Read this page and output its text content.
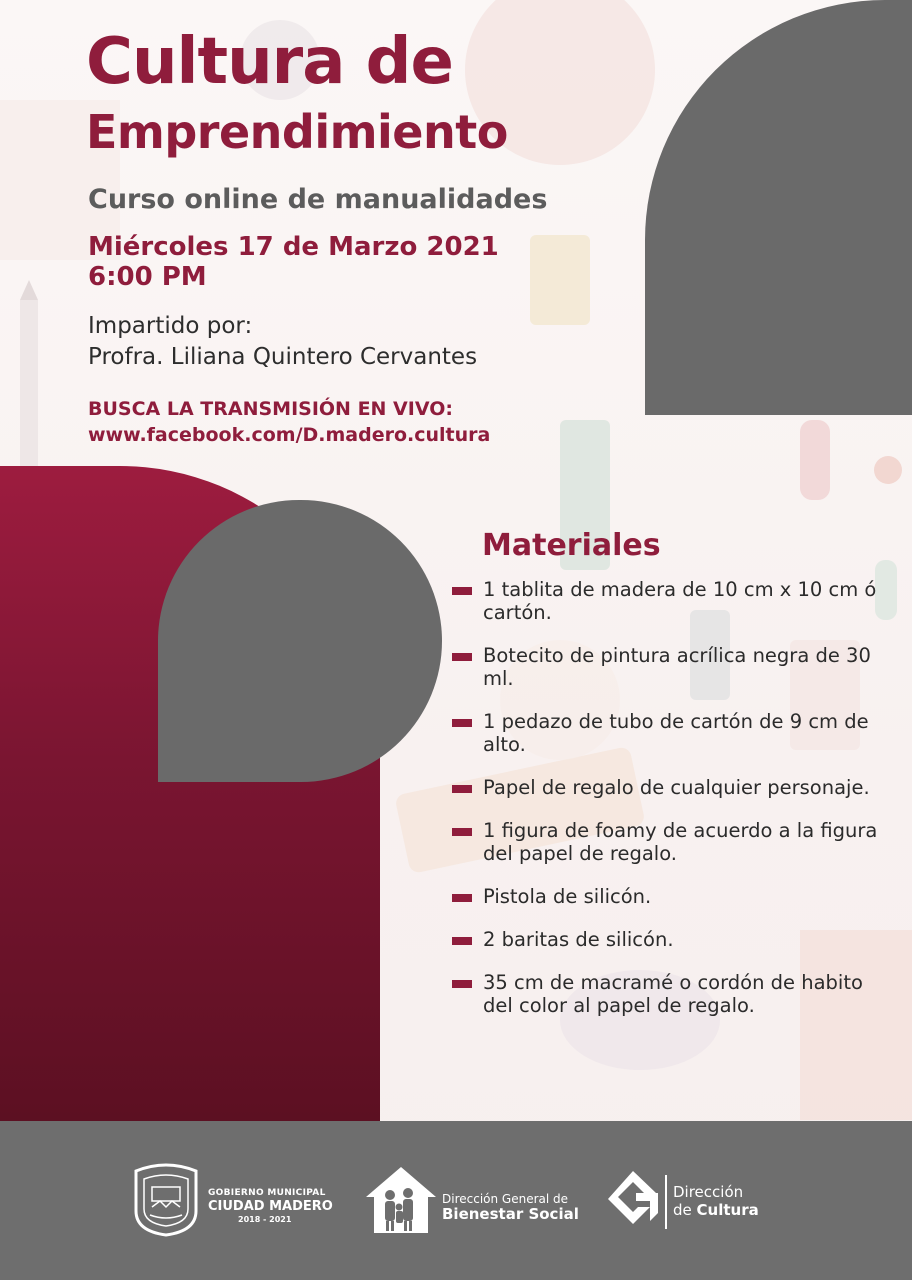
Cultura de
Emprendimiento
Curso online de manualidades
Miércoles 17 de Marzo 2021
6:00 PM
Impartido por:
Profra. Liliana Quintero Cervantes
BUSCA LA TRANSMISIÓN EN VIVO:
www.facebook.com/D.madero.cultura
Materiales
1 tablita de madera de 10 cm x 10 cm ó cartón.
Botecito de pintura acrílica negra de 30 ml.
1 pedazo de tubo de cartón de 9 cm de alto.
Papel de regalo de cualquier personaje.
1 figura de foamy de acuerdo a la figura del papel de regalo.
Pistola de silicón.
2 baritas de silicón.
35 cm de macramé o cordón de habito del color al papel de regalo.
GOBIERNO MUNICIPAL
CIUDAD MADERO
2018 - 2021
Dirección General de
Bienestar Social
Dirección
de Cultura
